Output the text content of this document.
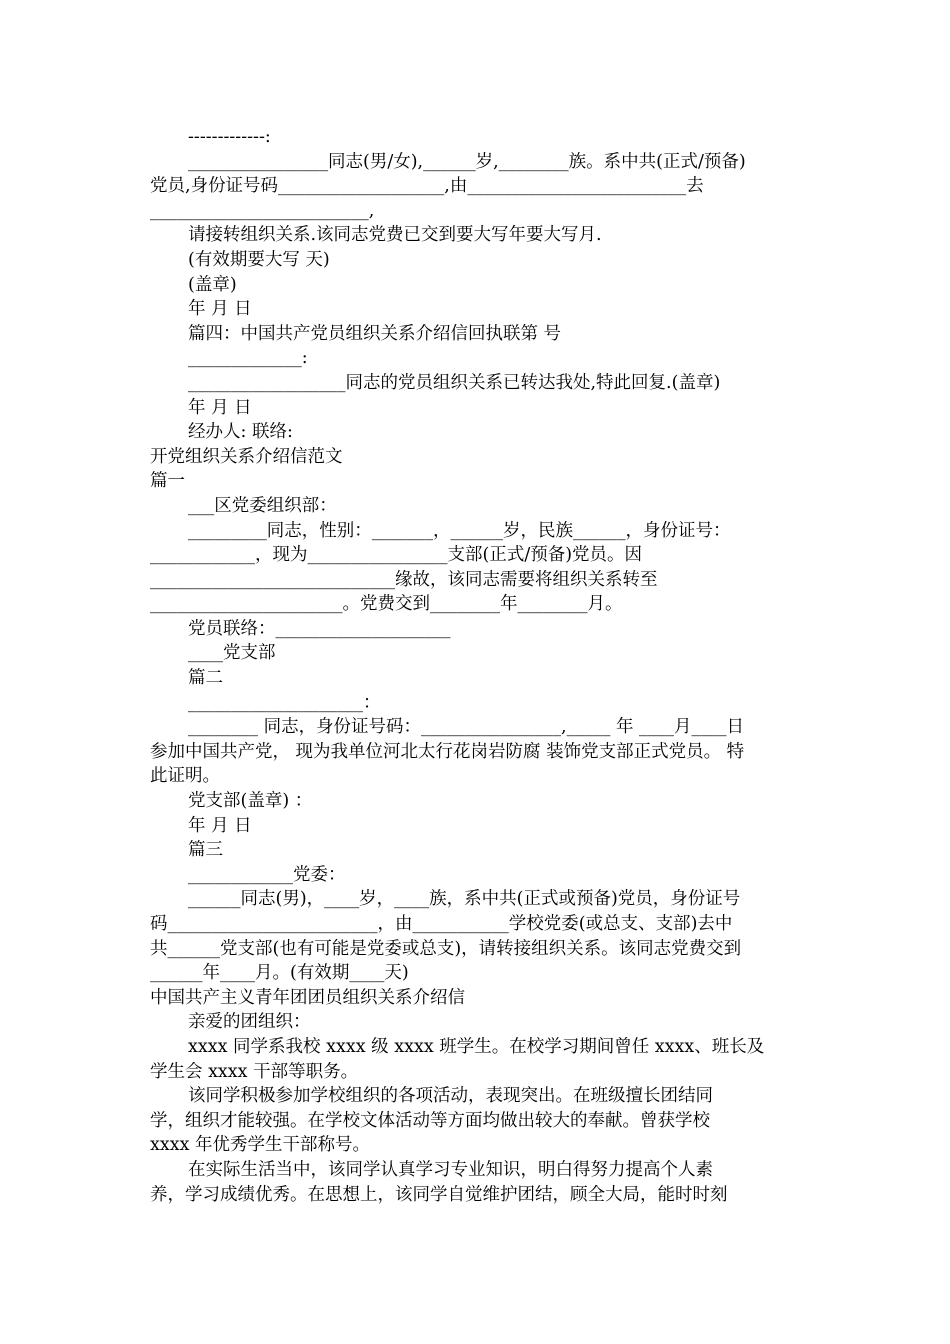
-------------:

________________同志(男/女),______岁,________族。系中共(正式/预备)

党员,身份证号码___________________,由_________________________去

_________________________,

请接转组织关系.该同志党费已交到要大写年要大写月.

(有效期要大写 天)

(盖章)

年 月 日

篇四：中国共产党员组织关系介绍信回执联第 号

_____________:

__________________同志的党员组织关系已转达我处,特此回复.(盖章)

年 月 日

经办人: 联络:

开党组织关系介绍信范文

篇一

___区党委组织部：

_________同志，性别：_______，______岁，民族______，身份证号：

____________，现为________________支部(正式/预备)党员。因

____________________________缘故，该同志需要将组织关系转至

______________________。党费交到________年________月。

党员联络：____________________

____党支部

篇二

____________________：

________ 同志，身份证号码：________________,_____ 年 ____月____日

参加中国共产党， 现为我单位河北太行花岗岩防腐 装饰党支部正式党员。 特

此证明。

党支部(盖章) ：

年 月 日

篇三

____________党委：

______同志(男)，____岁，____族，系中共(正式或预备)党员，身份证号

码________________________，由___________学校党委(或总支、支部)去中

共______党支部(也有可能是党委或总支)，请转接组织关系。该同志党费交到

______年____月。(有效期____天)

中国共产主义青年团团员组织关系介绍信

亲爱的团组织：

xxxx 同学系我校 xxxx 级 xxxx 班学生。在校学习期间曾任 xxxx、班长及

学生会 xxxx 干部等职务。

该同学积极参加学校组织的各项活动，表现突出。在班级擅长团结同

学，组织才能较强。在学校文体活动等方面均做出较大的奉献。曾获学校

xxxx 年优秀学生干部称号。

在实际生活当中，该同学认真学习专业知识，明白得努力提高个人素

养，学习成绩优秀。在思想上，该同学自觉维护团结，顾全大局，能时时刻
